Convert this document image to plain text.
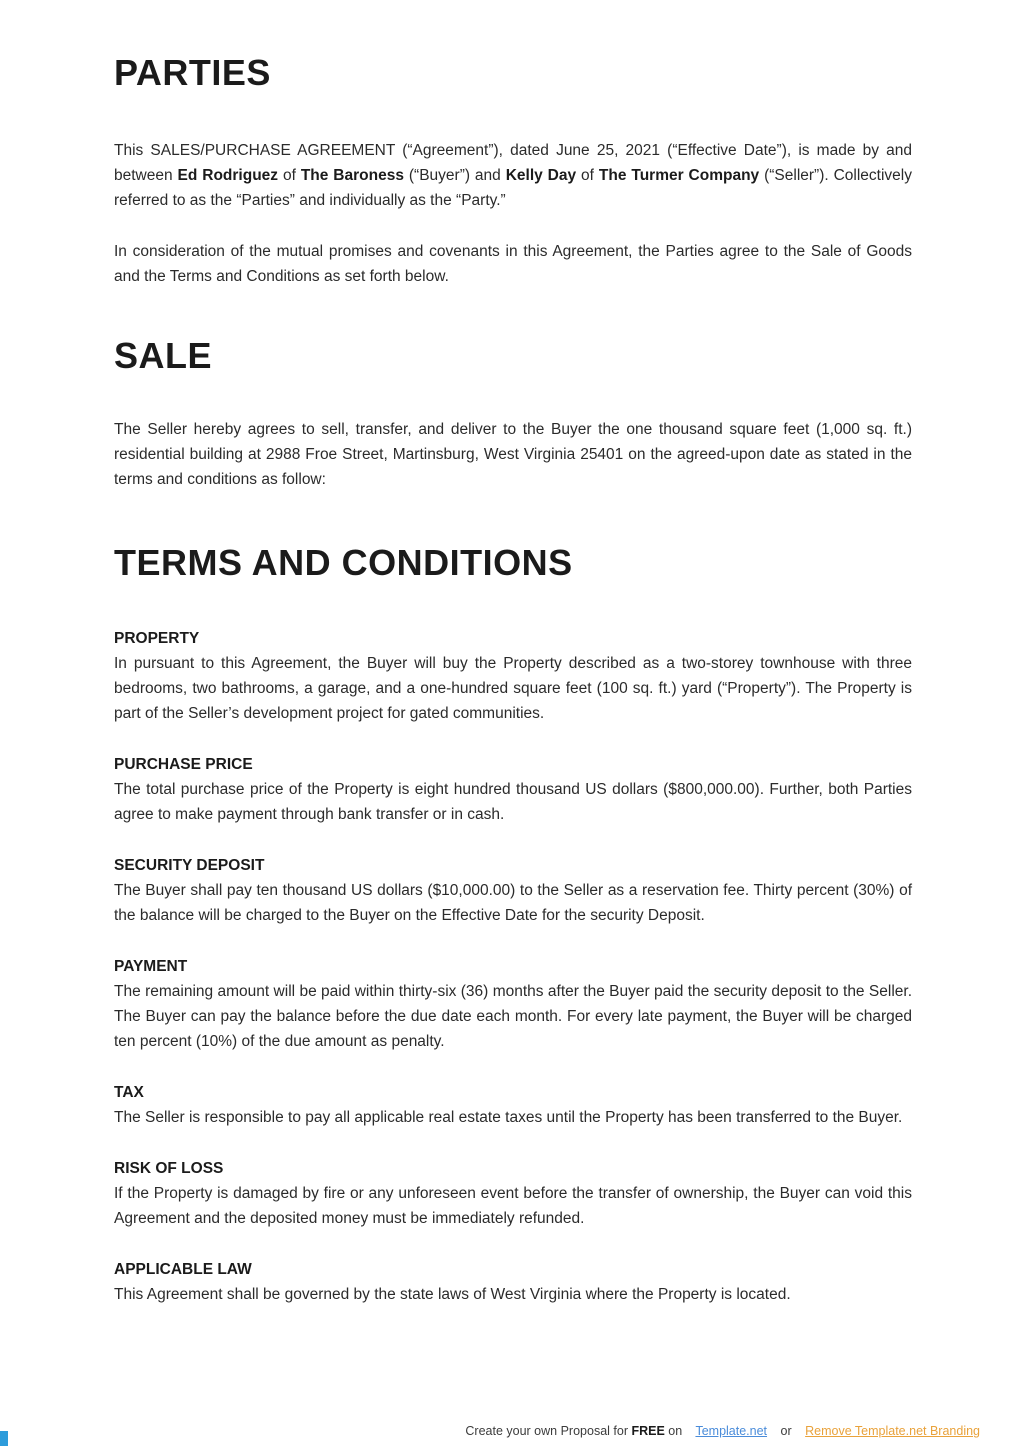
PARTIES

This SALES/PURCHASE AGREEMENT (“Agreement”), dated June 25, 2021 (“Effective Date”), is made by and between Ed Rodriguez of The Baroness (“Buyer”) and Kelly Day of The Turmer Company (“Seller”). Collectively referred to as the “Parties” and individually as the “Party.”

In consideration of the mutual promises and covenants in this Agreement, the Parties agree to the Sale of Goods and the Terms and Conditions as set forth below.

SALE

The Seller hereby agrees to sell, transfer, and deliver to the Buyer the one thousand square feet (1,000 sq. ft.) residential building at 2988 Froe Street, Martinsburg, West Virginia 25401 on the agreed-upon date as stated in the terms and conditions as follow:

TERMS AND CONDITIONS
PROPERTY

In pursuant to this Agreement, the Buyer will buy the Property described as a two-storey townhouse with three bedrooms, two bathrooms, a garage, and a one-hundred square feet (100 sq. ft.) yard (“Property”). The Property is part of the Seller’s development project for gated communities.

PURCHASE PRICE

The total purchase price of the Property is eight hundred thousand US dollars ($800,000.00). Further, both Parties agree to make payment through bank transfer or in cash.

SECURITY DEPOSIT

The Buyer shall pay ten thousand US dollars ($10,000.00) to the Seller as a reservation fee. Thirty percent (30%) of the balance will be charged to the Buyer on the Effective Date for the security Deposit.

PAYMENT

The remaining amount will be paid within thirty-six (36) months after the Buyer paid the security deposit to the Seller. The Buyer can pay the balance before the due date each month. For every late payment, the Buyer will be charged ten percent (10%) of the due amount as penalty.

TAX

The Seller is responsible to pay all applicable real estate taxes until the Property has been transferred to the Buyer.

RISK OF LOSS

If the Property is damaged by fire or any unforeseen event before the transfer of ownership, the Buyer can void this Agreement and the deposited money must be immediately refunded.

APPLICABLE LAW

This Agreement shall be governed by the state laws of West Virginia where the Property is located.

Create your own Proposal for FREE on Template.net or Remove Template.net Branding
